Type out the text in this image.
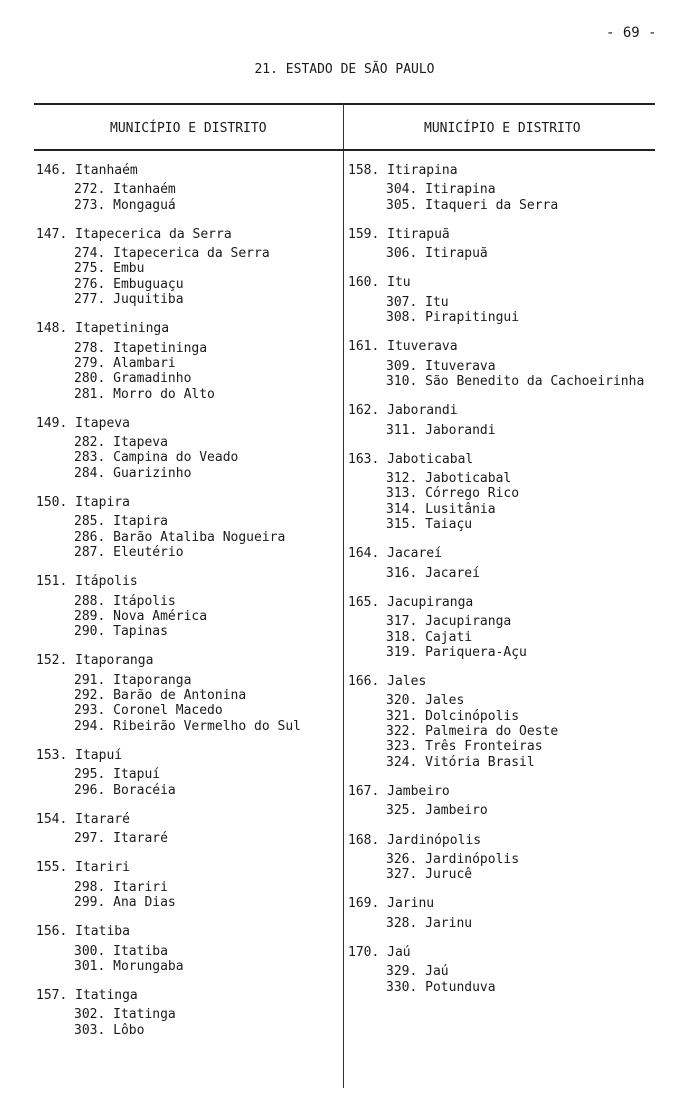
- 69 -
21. ESTADO DE SÃO PAULO
MUNICÍPIO E DISTRITO	MUNICÍPIO E DISTRITO
146. Itanhaém
272. Itanhaém
273. Mongaguá
147. Itapecerica da Serra
274. Itapecerica da Serra
275. Embu
276. Embuguaçu
277. Juquitiba
148. Itapetininga
278. Itapetininga
279. Alambari
280. Gramadinho
281. Morro do Alto
149. Itapeva
282. Itapeva
283. Campina do Veado
284. Guarizinho
150. Itapira
285. Itapira
286. Barão Ataliba Nogueira
287. Eleutério
151. Itápolis
288. Itápolis
289. Nova América
290. Tapinas
152. Itaporanga
291. Itaporanga
292. Barão de Antonina
293. Coronel Macedo
294. Ribeirão Vermelho do Sul
153. Itapuí
295. Itapuí
296. Boracéia
154. Itararé
297. Itararé
155. Itariri
298. Itariri
299. Ana Dias
156. Itatiba
300. Itatiba
301. Morungaba
157. Itatinga
302. Itatinga
303. Lôbo
158. Itirapina
304. Itirapina
305. Itaqueri da Serra
159. Itirapuã
306. Itirapuã
160. Itu
307. Itu
308. Pirapitingui
161. Ituverava
309. Ituverava
310. São Benedito da Cachoeirinha
162. Jaborandi
311. Jaborandi
163. Jaboticabal
312. Jaboticabal
313. Córrego Rico
314. Lusitânia
315. Taiaçu
164. Jacareí
316. Jacareí
165. Jacupiranga
317. Jacupiranga
318. Cajati
319. Pariquera-Açu
166. Jales
320. Jales
321. Dolcinópolis
322. Palmeira do Oeste
323. Três Fronteiras
324. Vitória Brasil
167. Jambeiro
325. Jambeiro
168. Jardinópolis
326. Jardinópolis
327. Jurucê
169. Jarinu
328. Jarinu
170. Jaú
329. Jaú
330. Potunduva
